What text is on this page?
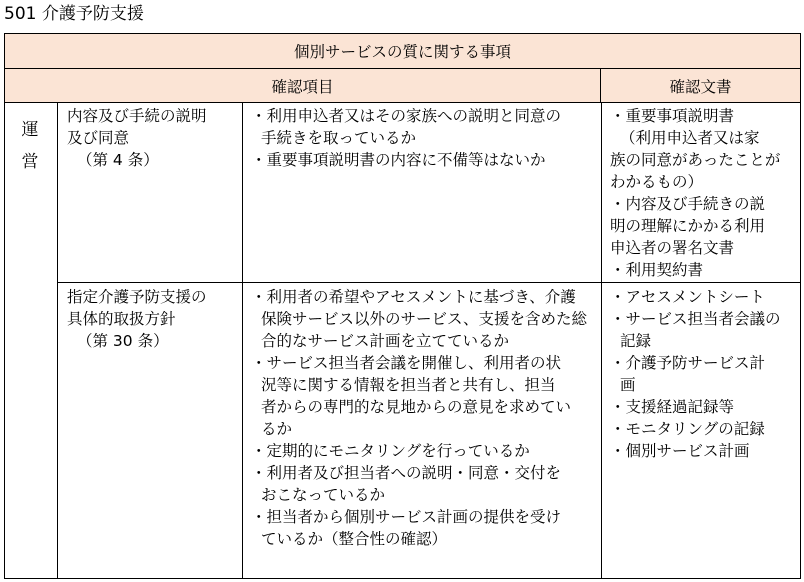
501 介護予防支援
個別サービスの質に関する事項
確認項目	確認文書
運
営
内容及び手続の説明
及び同意
（第 4 条）
・利用申込者又はその家族への説明と同意の
手続きを取っているか
・重要事項説明書の内容に不備等はないか
・重要事項説明書
（利用申込者又は家
族の同意があったことが
わかるもの）
・内容及び手続きの説
明の理解にかかる利用
申込者の署名文書
・利用契約書
指定介護予防支援の
具体的取扱方針
（第 30 条）
・利用者の希望やアセスメントに基づき、介護
保険サービス以外のサービス、支援を含めた総
合的なサービス計画を立てているか
・サービス担当者会議を開催し、利用者の状
況等に関する情報を担当者と共有し、担当
者からの専門的な見地からの意見を求めてい
るか
・定期的にモニタリングを行っているか
・利用者及び担当者への説明・同意・交付を
おこなっているか
・担当者から個別サービス計画の提供を受け
ているか（整合性の確認）
・アセスメントシート
・サービス担当者会議の
記録
・介護予防サービス計
画
・支援経過記録等
・モニタリングの記録
・個別サービス計画
